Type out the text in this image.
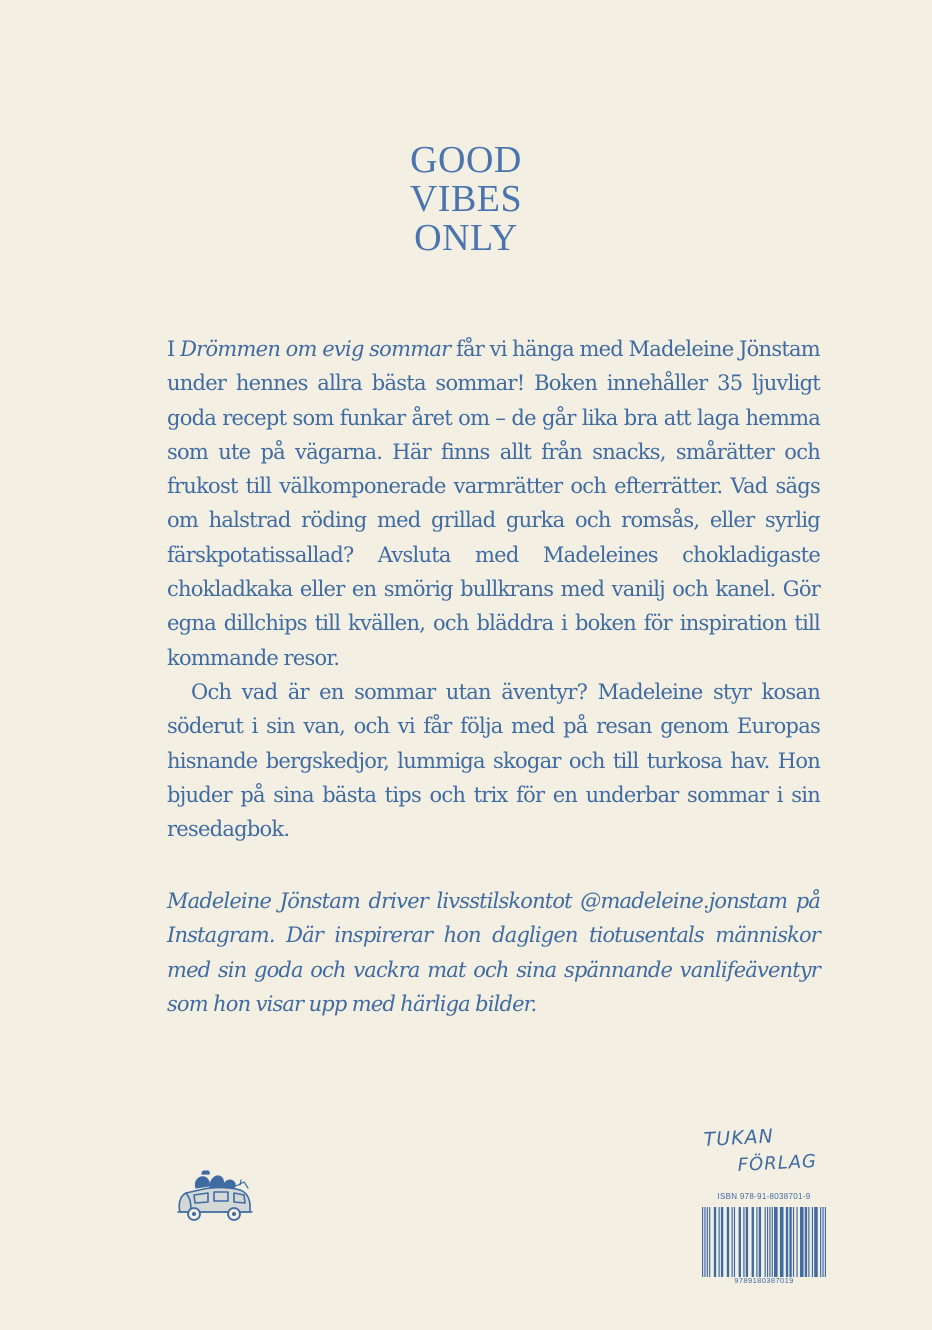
GOOD
VIBES
ONLY

I Drömmen om evig sommar får vi hänga med Madeleine Jönstam under hennes allra bästa sommar! Boken innehåller 35 ljuvligt goda recept som funkar året om – de går lika bra att laga hemma som ute på vägarna. Här finns allt från snacks, smårätter och frukost till välkomponerade varmrätter och efterrätter. Vad sägs om halstrad röding med grillad gurka och romsås, eller syrlig färskpotatissallad? Avsluta med Madeleines chokladigaste chokladkaka eller en smörig bullkrans med vanilj och kanel. Gör egna dillchips till kvällen, och bläddra i boken för inspiration till kommande resor.

Och vad är en sommar utan äventyr? Madeleine styr kosan söderut i sin van, och vi får följa med på resan genom Europas hisnande bergskedjor, lummiga skogar och till turkosa hav. Hon bjuder på sina bästa tips och trix för en underbar sommar i sin resedagbok.

Madeleine Jönstam driver livsstilskontot @madeleine.jonstam på Instagram. Där inspirerar hon dagligen tiotusentals människor med sin goda och vackra mat och sina spännande vanlifeäventyr som hon visar upp med härliga bilder.

TUKAN
FÖRLAG
ISBN 978-91-8038701-9
9789180387019
